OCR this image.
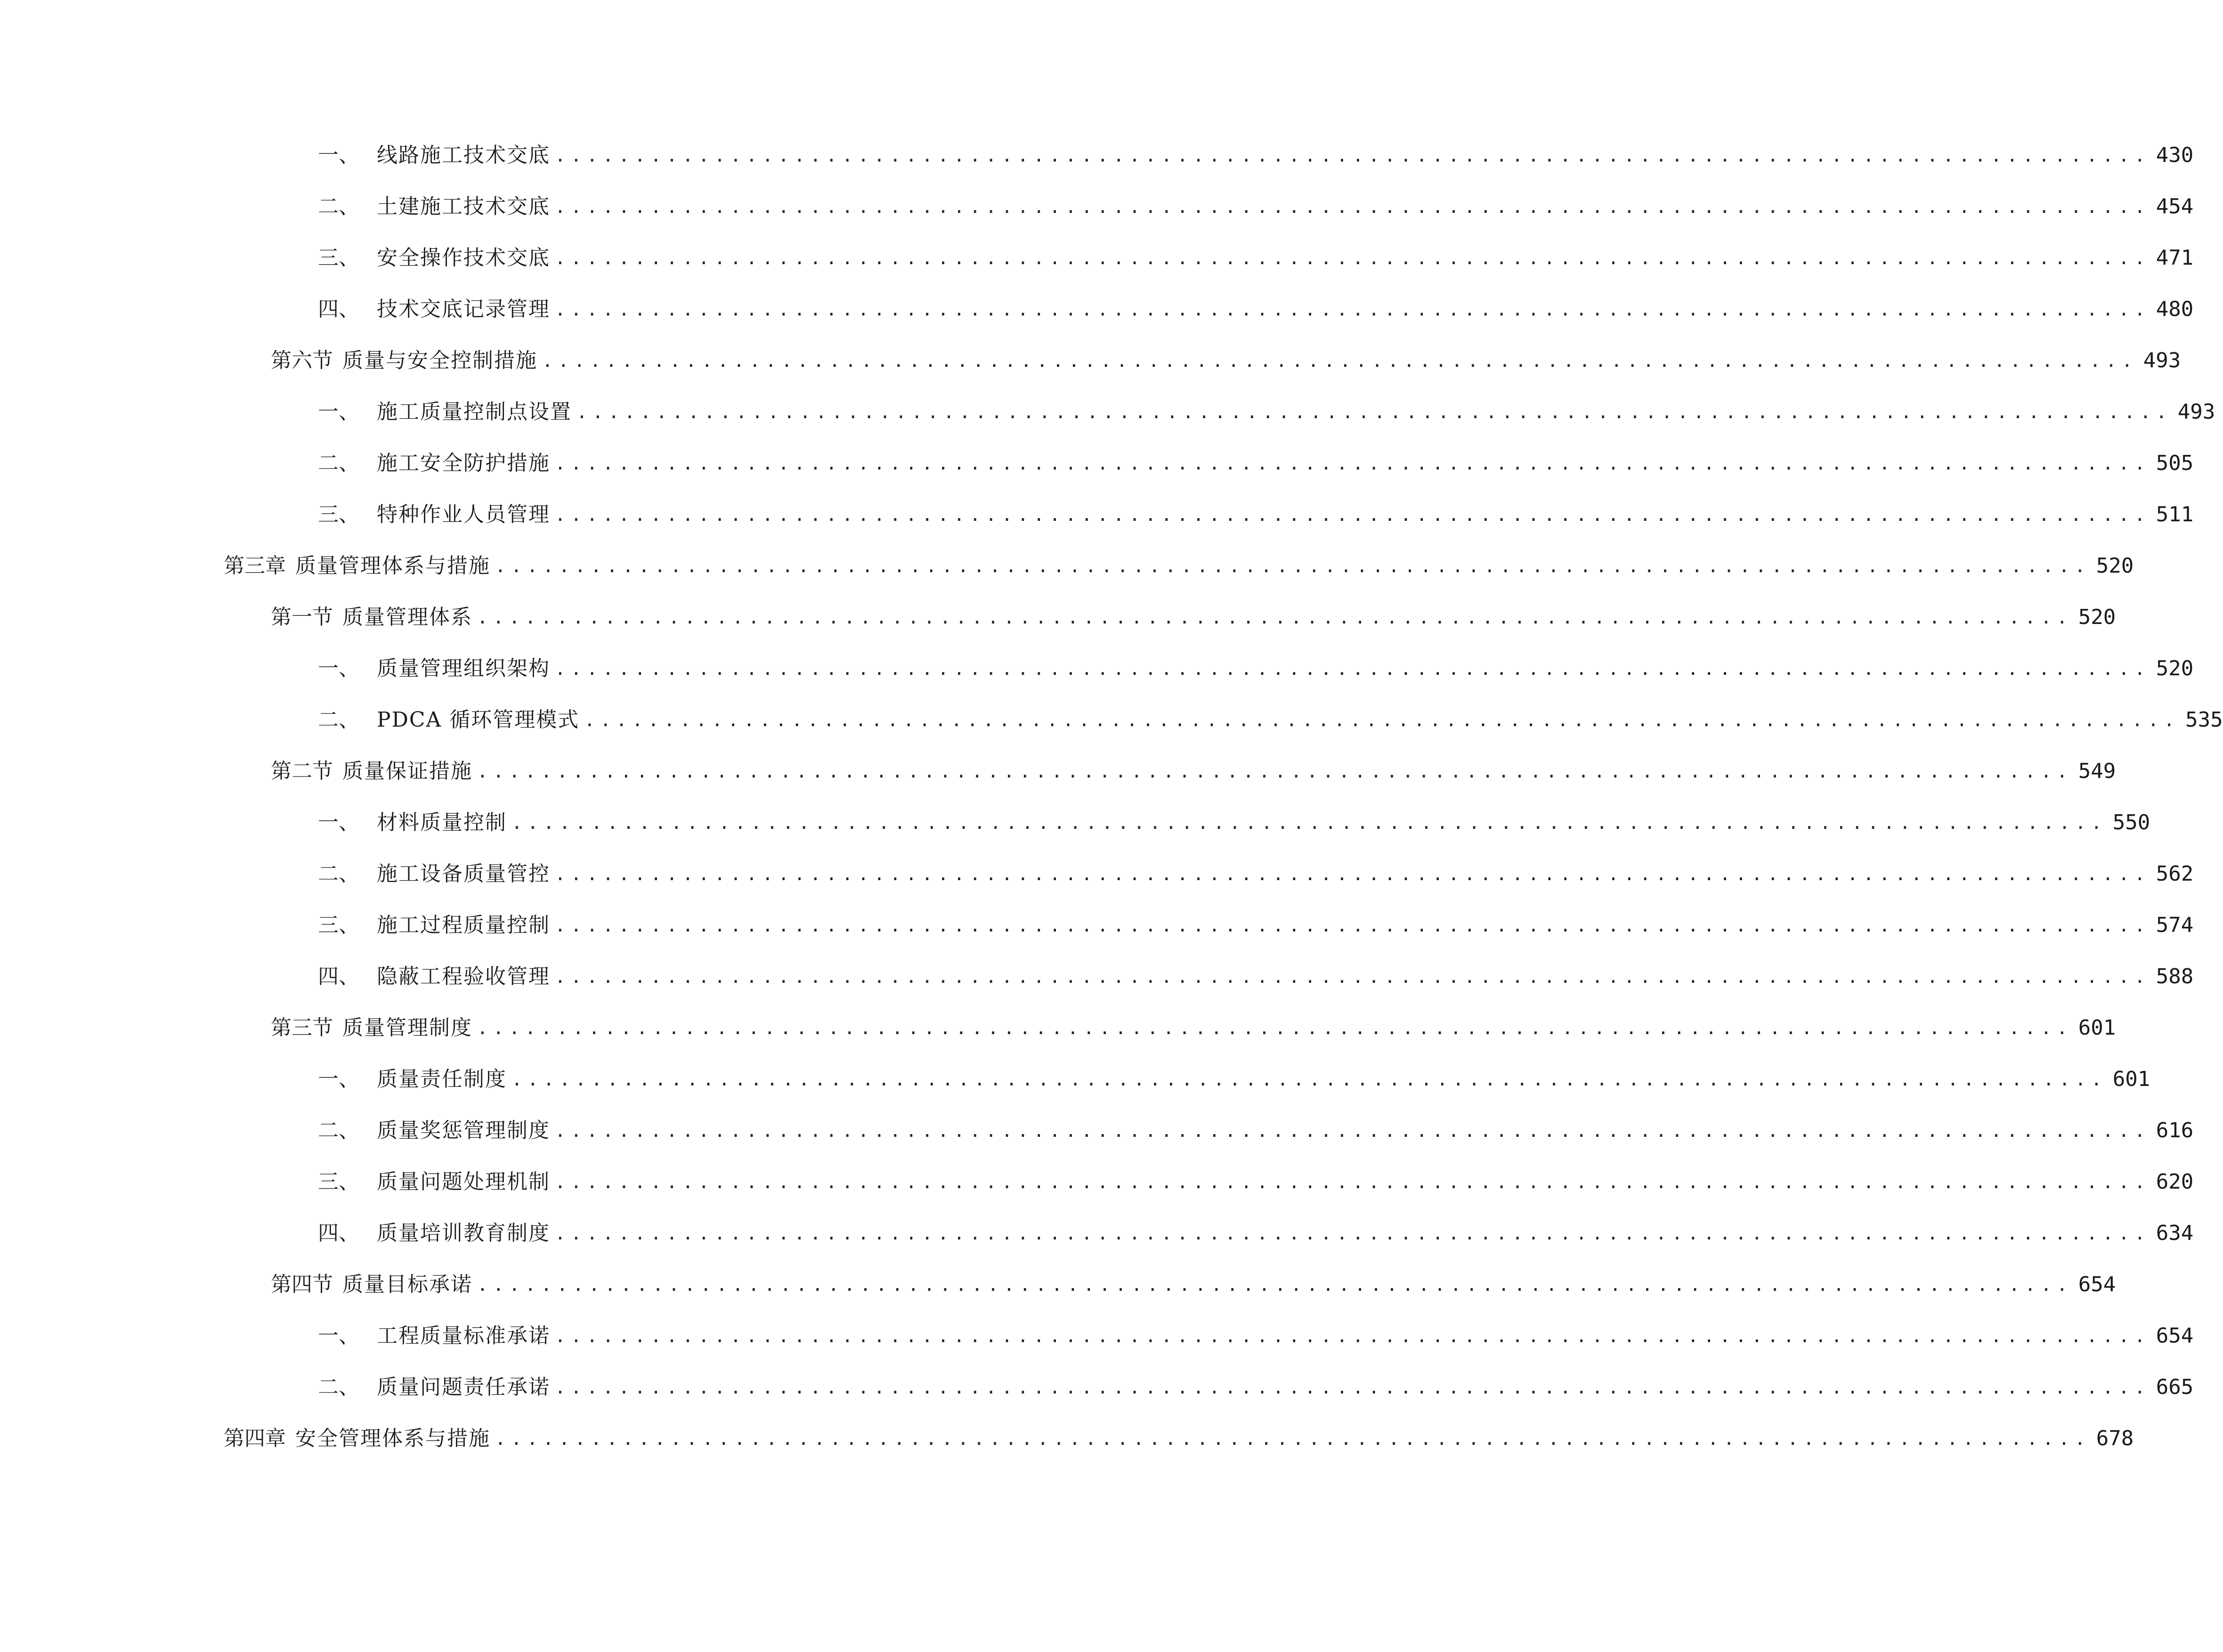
一、 线路施工技术交底 .................................................................................................... 430
二、 土建施工技术交底 .................................................................................................... 454
三、 安全操作技术交底 .................................................................................................... 471
四、 技术交底记录管理 .................................................................................................... 480
第六节 质量与安全控制措施 .................................................................................................... 493
一、 施工质量控制点设置 .................................................................................................... 493
二、 施工安全防护措施 .................................................................................................... 505
三、 特种作业人员管理 .................................................................................................... 511
第三章 质量管理体系与措施 .................................................................................................... 520
第一节 质量管理体系 .................................................................................................... 520
一、 质量管理组织架构 .................................................................................................... 520
二、 PDCA 循环管理模式 .................................................................................................... 535
第二节 质量保证措施 .................................................................................................... 549
一、 材料质量控制 .................................................................................................... 550
二、 施工设备质量管控 .................................................................................................... 562
三、 施工过程质量控制 .................................................................................................... 574
四、 隐蔽工程验收管理 .................................................................................................... 588
第三节 质量管理制度 .................................................................................................... 601
一、 质量责任制度 .................................................................................................... 601
二、 质量奖惩管理制度 .................................................................................................... 616
三、 质量问题处理机制 .................................................................................................... 620
四、 质量培训教育制度 .................................................................................................... 634
第四节 质量目标承诺 .................................................................................................... 654
一、 工程质量标准承诺 .................................................................................................... 654
二、 质量问题责任承诺 .................................................................................................... 665
第四章 安全管理体系与措施 .................................................................................................... 678
